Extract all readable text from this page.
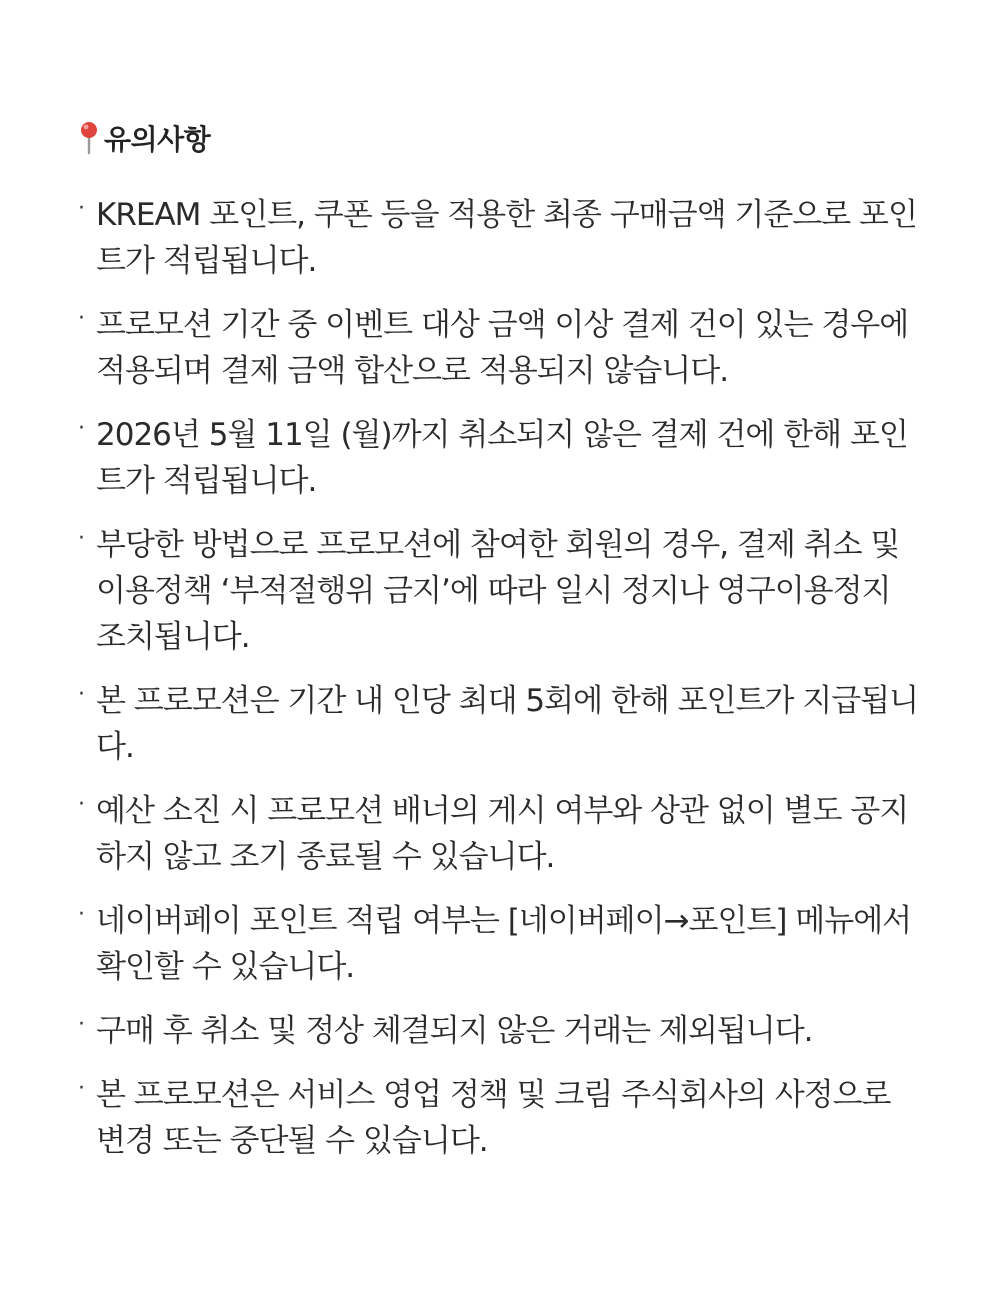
유의사항
· KREAM 포인트, 쿠폰 등을 적용한 최종 구매금액 기준으로 포인트가 적립됩니다.
· 프로모션 기간 중 이벤트 대상 금액 이상 결제 건이 있는 경우에 적용되며 결제 금액 합산으로 적용되지 않습니다.
· 2026년 5월 11일 (월)까지 취소되지 않은 결제 건에 한해 포인트가 적립됩니다.
· 부당한 방법으로 프로모션에 참여한 회원의 경우, 결제 취소 및 이용정책 ‘부적절행위 금지’에 따라 일시 정지나 영구이용정지 조치됩니다.
· 본 프로모션은 기간 내 인당 최대 5회에 한해 포인트가 지급됩니다.
· 예산 소진 시 프로모션 배너의 게시 여부와 상관 없이 별도 공지하지 않고 조기 종료될 수 있습니다.
· 네이버페이 포인트 적립 여부는 [네이버페이→포인트] 메뉴에서 확인할 수 있습니다.
· 구매 후 취소 및 정상 체결되지 않은 거래는 제외됩니다.
· 본 프로모션은 서비스 영업 정책 및 크림 주식회사의 사정으로 변경 또는 중단될 수 있습니다.
